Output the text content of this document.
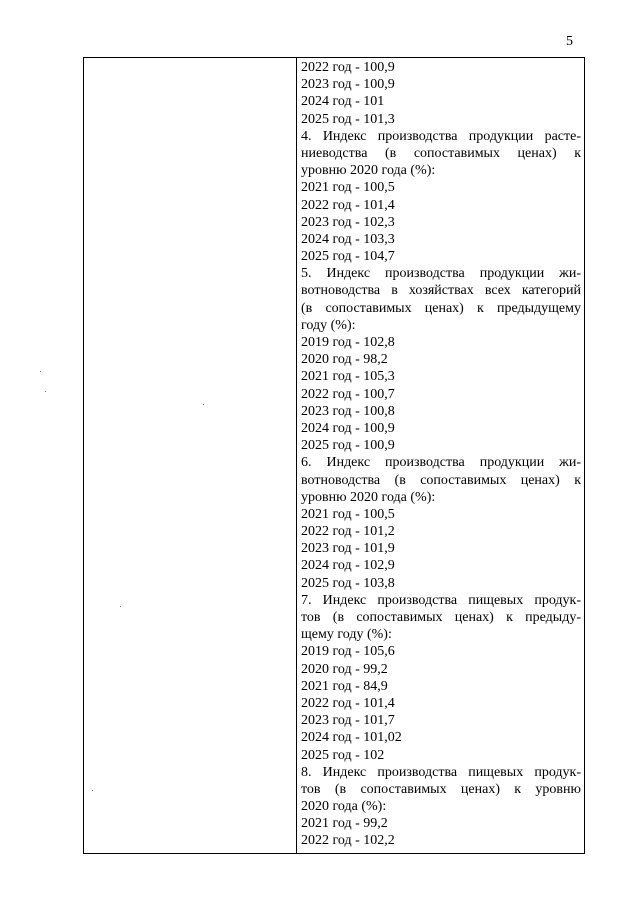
5
2022 год - 100,9
2023 год - 100,9
2024 год - 101
2025 год - 101,3
4. Индекс производства продукции расте-
ниеводства (в сопоставимых ценах) к
уровню 2020 года (%):
2021 год - 100,5
2022 год - 101,4
2023 год - 102,3
2024 год - 103,3
2025 год - 104,7
5. Индекс производства продукции жи-
вотноводства в хозяйствах всех категорий
(в сопоставимых ценах) к предыдущему
году (%):
2019 год - 102,8
2020 год - 98,2
2021 год - 105,3
2022 год - 100,7
2023 год - 100,8
2024 год - 100,9
2025 год - 100,9
6. Индекс производства продукции жи-
вотноводства (в сопоставимых ценах) к
уровню 2020 года (%):
2021 год - 100,5
2022 год - 101,2
2023 год - 101,9
2024 год - 102,9
2025 год - 103,8
7. Индекс производства пищевых продук-
тов (в сопоставимых ценах) к предыду-
щему году (%):
2019 год - 105,6
2020 год - 99,2
2021 год - 84,9
2022 год - 101,4
2023 год - 101,7
2024 год - 101,02
2025 год - 102
8. Индекс производства пищевых продук-
тов (в сопоставимых ценах) к уровню
2020 года (%):
2021 год - 99,2
2022 год - 102,2
